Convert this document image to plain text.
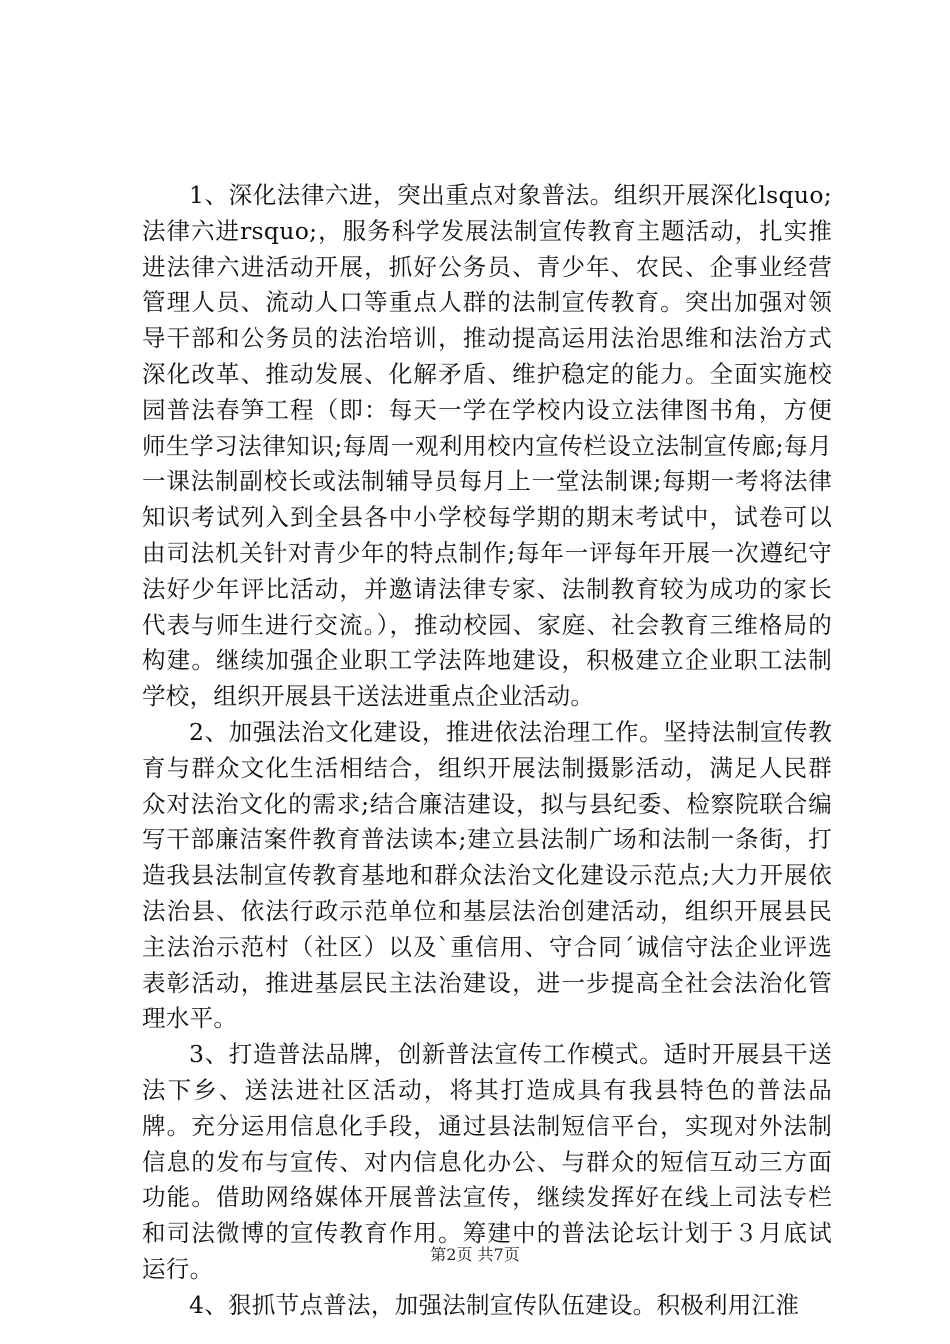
1、深化法律六进，突出重点对象普法。组织开展深化lsquo;法律六进rsquo;，服务科学发展法制宣传教育主题活动，扎实推进法律六进活动开展，抓好公务员、青少年、农民、企事业经营管理人员、流动人口等重点人群的法制宣传教育。突出加强对领导干部和公务员的法治培训，推动提高运用法治思维和法治方式深化改革、推动发展、化解矛盾、维护稳定的能力。全面实施校园普法春笋工程（即：每天一学在学校内设立法律图书角，方便师生学习法律知识;每周一观利用校内宣传栏设立法制宣传廊;每月一课法制副校长或法制辅导员每月上一堂法制课;每期一考将法律知识考试列入到全县各中小学校每学期的期末考试中，试卷可以由司法机关针对青少年的特点制作;每年一评每年开展一次遵纪守法好少年评比活动，并邀请法律专家、法制教育较为成功的家长代表与师生进行交流。），推动校园、家庭、社会教育三维格局的构建。继续加强企业职工学法阵地建设，积极建立企业职工法制学校，组织开展县干送法进重点企业活动。

2、加强法治文化建设，推进依法治理工作。坚持法制宣传教育与群众文化生活相结合，组织开展法制摄影活动，满足人民群众对法治文化的需求;结合廉洁建设，拟与县纪委、检察院联合编写干部廉洁案件教育普法读本;建立县法制广场和法制一条街，打造我县法制宣传教育基地和群众法治文化建设示范点;大力开展依法治县、依法行政示范单位和基层法治创建活动，组织开展县民主法治示范村（社区）以及`重信用、守合同´诚信守法企业评选表彰活动，推进基层民主法治建设，进一步提高全社会法治化管理水平。

3、打造普法品牌，创新普法宣传工作模式。适时开展县干送法下乡、送法进社区活动，将其打造成具有我县特色的普法品牌。充分运用信息化手段，通过县法制短信平台，实现对外法制信息的发布与宣传、对内信息化办公、与群众的短信互动三方面功能。借助网络媒体开展普法宣传，继续发挥好在线上司法专栏和司法微博的宣传教育作用。筹建中的普法论坛计划于３月底试运行。

4、狠抓节点普法，加强法制宣传队伍建设。积极利用江淮

第2页 共7页
